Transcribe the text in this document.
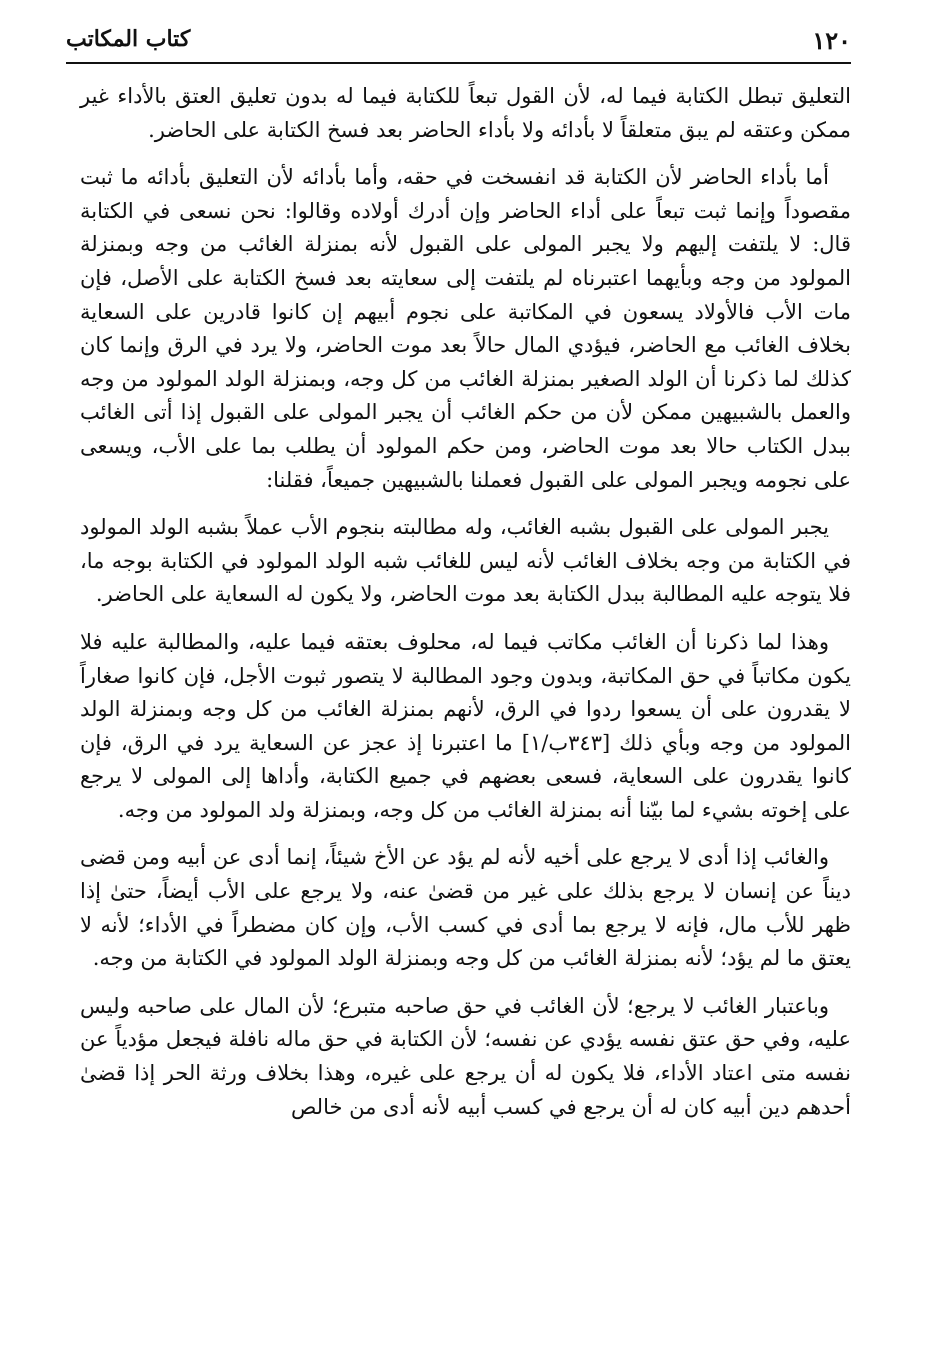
١٢٠
كتاب المكاتب

التعليق تبطل الكتابة فيما له، لأن القول تبعاً للكتابة فيما له بدون تعليق العتق بالأداء غير ممكن وعتقه لم يبق متعلقاً لا بأدائه ولا بأداء الحاضر بعد فسخ الكتابة على الحاضر.

أما بأداء الحاضر لأن الكتابة قد انفسخت في حقه، وأما بأدائه لأن التعليق بأدائه ما ثبت مقصوداً وإنما ثبت تبعاً على أداء الحاضر وإن أدرك أولاده وقالوا: نحن نسعى في الكتابة قال: لا يلتفت إليهم ولا يجبر المولى على القبول لأنه بمنزلة الغائب من وجه وبمنزلة المولود من وجه وبأيهما اعتبرناه لم يلتفت إلى سعايته بعد فسخ الكتابة على الأصل، فإن مات الأب فالأولاد يسعون في المكاتبة على نجوم أبيهم إن كانوا قادرين على السعاية بخلاف الغائب مع الحاضر، فيؤدي المال حالاً بعد موت الحاضر، ولا يرد في الرق وإنما كان كذلك لما ذكرنا أن الولد الصغير بمنزلة الغائب من كل وجه، وبمنزلة الولد المولود من وجه والعمل بالشبيهين ممكن لأن من حكم الغائب أن يجبر المولى على القبول إذا أتى الغائب ببدل الكتاب حالا بعد موت الحاضر، ومن حكم المولود أن يطلب بما على الأب، ويسعى على نجومه ويجبر المولى على القبول فعملنا بالشبيهين جميعاً، فقلنا:

يجبر المولى على القبول بشبه الغائب، وله مطالبته بنجوم الأب عملاً بشبه الولد المولود في الكتابة من وجه بخلاف الغائب لأنه ليس للغائب شبه الولد المولود في الكتابة بوجه ما، فلا يتوجه عليه المطالبة ببدل الكتابة بعد موت الحاضر، ولا يكون له السعاية على الحاضر.

وهذا لما ذكرنا أن الغائب مكاتب فيما له، محلوف بعتقه فيما عليه، والمطالبة عليه فلا يكون مكاتباً في حق المكاتبة، وبدون وجود المطالبة لا يتصور ثبوت الأجل، فإن كانوا صغاراً لا يقدرون على أن يسعوا ردوا في الرق، لأنهم بمنزلة الغائب من كل وجه وبمنزلة الولد المولود من وجه وبأي ذلك [٣٤٣ب/١] ما اعتبرنا إذ عجز عن السعاية يرد في الرق، فإن كانوا يقدرون على السعاية، فسعى بعضهم في جميع الكتابة، وأداها إلى المولى لا يرجع على إخوته بشيء لما بيّنا أنه بمنزلة الغائب من كل وجه، وبمنزلة ولد المولود من وجه.

والغائب إذا أدى لا يرجع على أخيه لأنه لم يؤد عن الأخ شيئاً، إنما أدى عن أبيه ومن قضى ديناً عن إنسان لا يرجع بذلك على غير من قضىٰ عنه، ولا يرجع على الأب أيضاً، حتىٰ إذا ظهر للأب مال، فإنه لا يرجع بما أدى في كسب الأب، وإن كان مضطراً في الأداء؛ لأنه لا يعتق ما لم يؤد؛ لأنه بمنزلة الغائب من كل وجه وبمنزلة الولد المولود في الكتابة من وجه.

وباعتبار الغائب لا يرجع؛ لأن الغائب في حق صاحبه متبرع؛ لأن المال على صاحبه وليس عليه، وفي حق عتق نفسه يؤدي عن نفسه؛ لأن الكتابة في حق ماله نافلة فيجعل مؤدياً عن نفسه متى اعتاد الأداء، فلا يكون له أن يرجع على غيره، وهذا بخلاف ورثة الحر إذا قضىٰ أحدهم دين أبيه كان له أن يرجع في كسب أبيه لأنه أدى من خالص
